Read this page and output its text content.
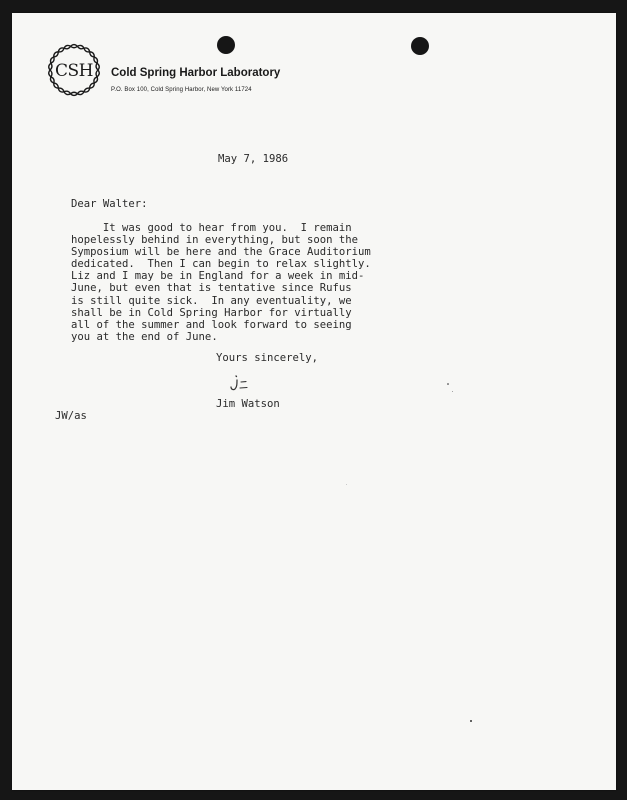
CSH Cold Spring Harbor Laboratory
P.O. Box 100, Cold Spring Harbor, New York 11724
May 7, 1986
Dear Walter:
It was good to hear from you.  I remain
hopelessly behind in everything, but soon the
Symposium will be here and the Grace Auditorium
dedicated.  Then I can begin to relax slightly.
Liz and I may be in England for a week in mid-
June, but even that is tentative since Rufus
is still quite sick.  In any eventuality, we
shall be in Cold Spring Harbor for virtually
all of the summer and look forward to seeing
you at the end of June.
Yours sincerely,
Jim Watson
JW/as
